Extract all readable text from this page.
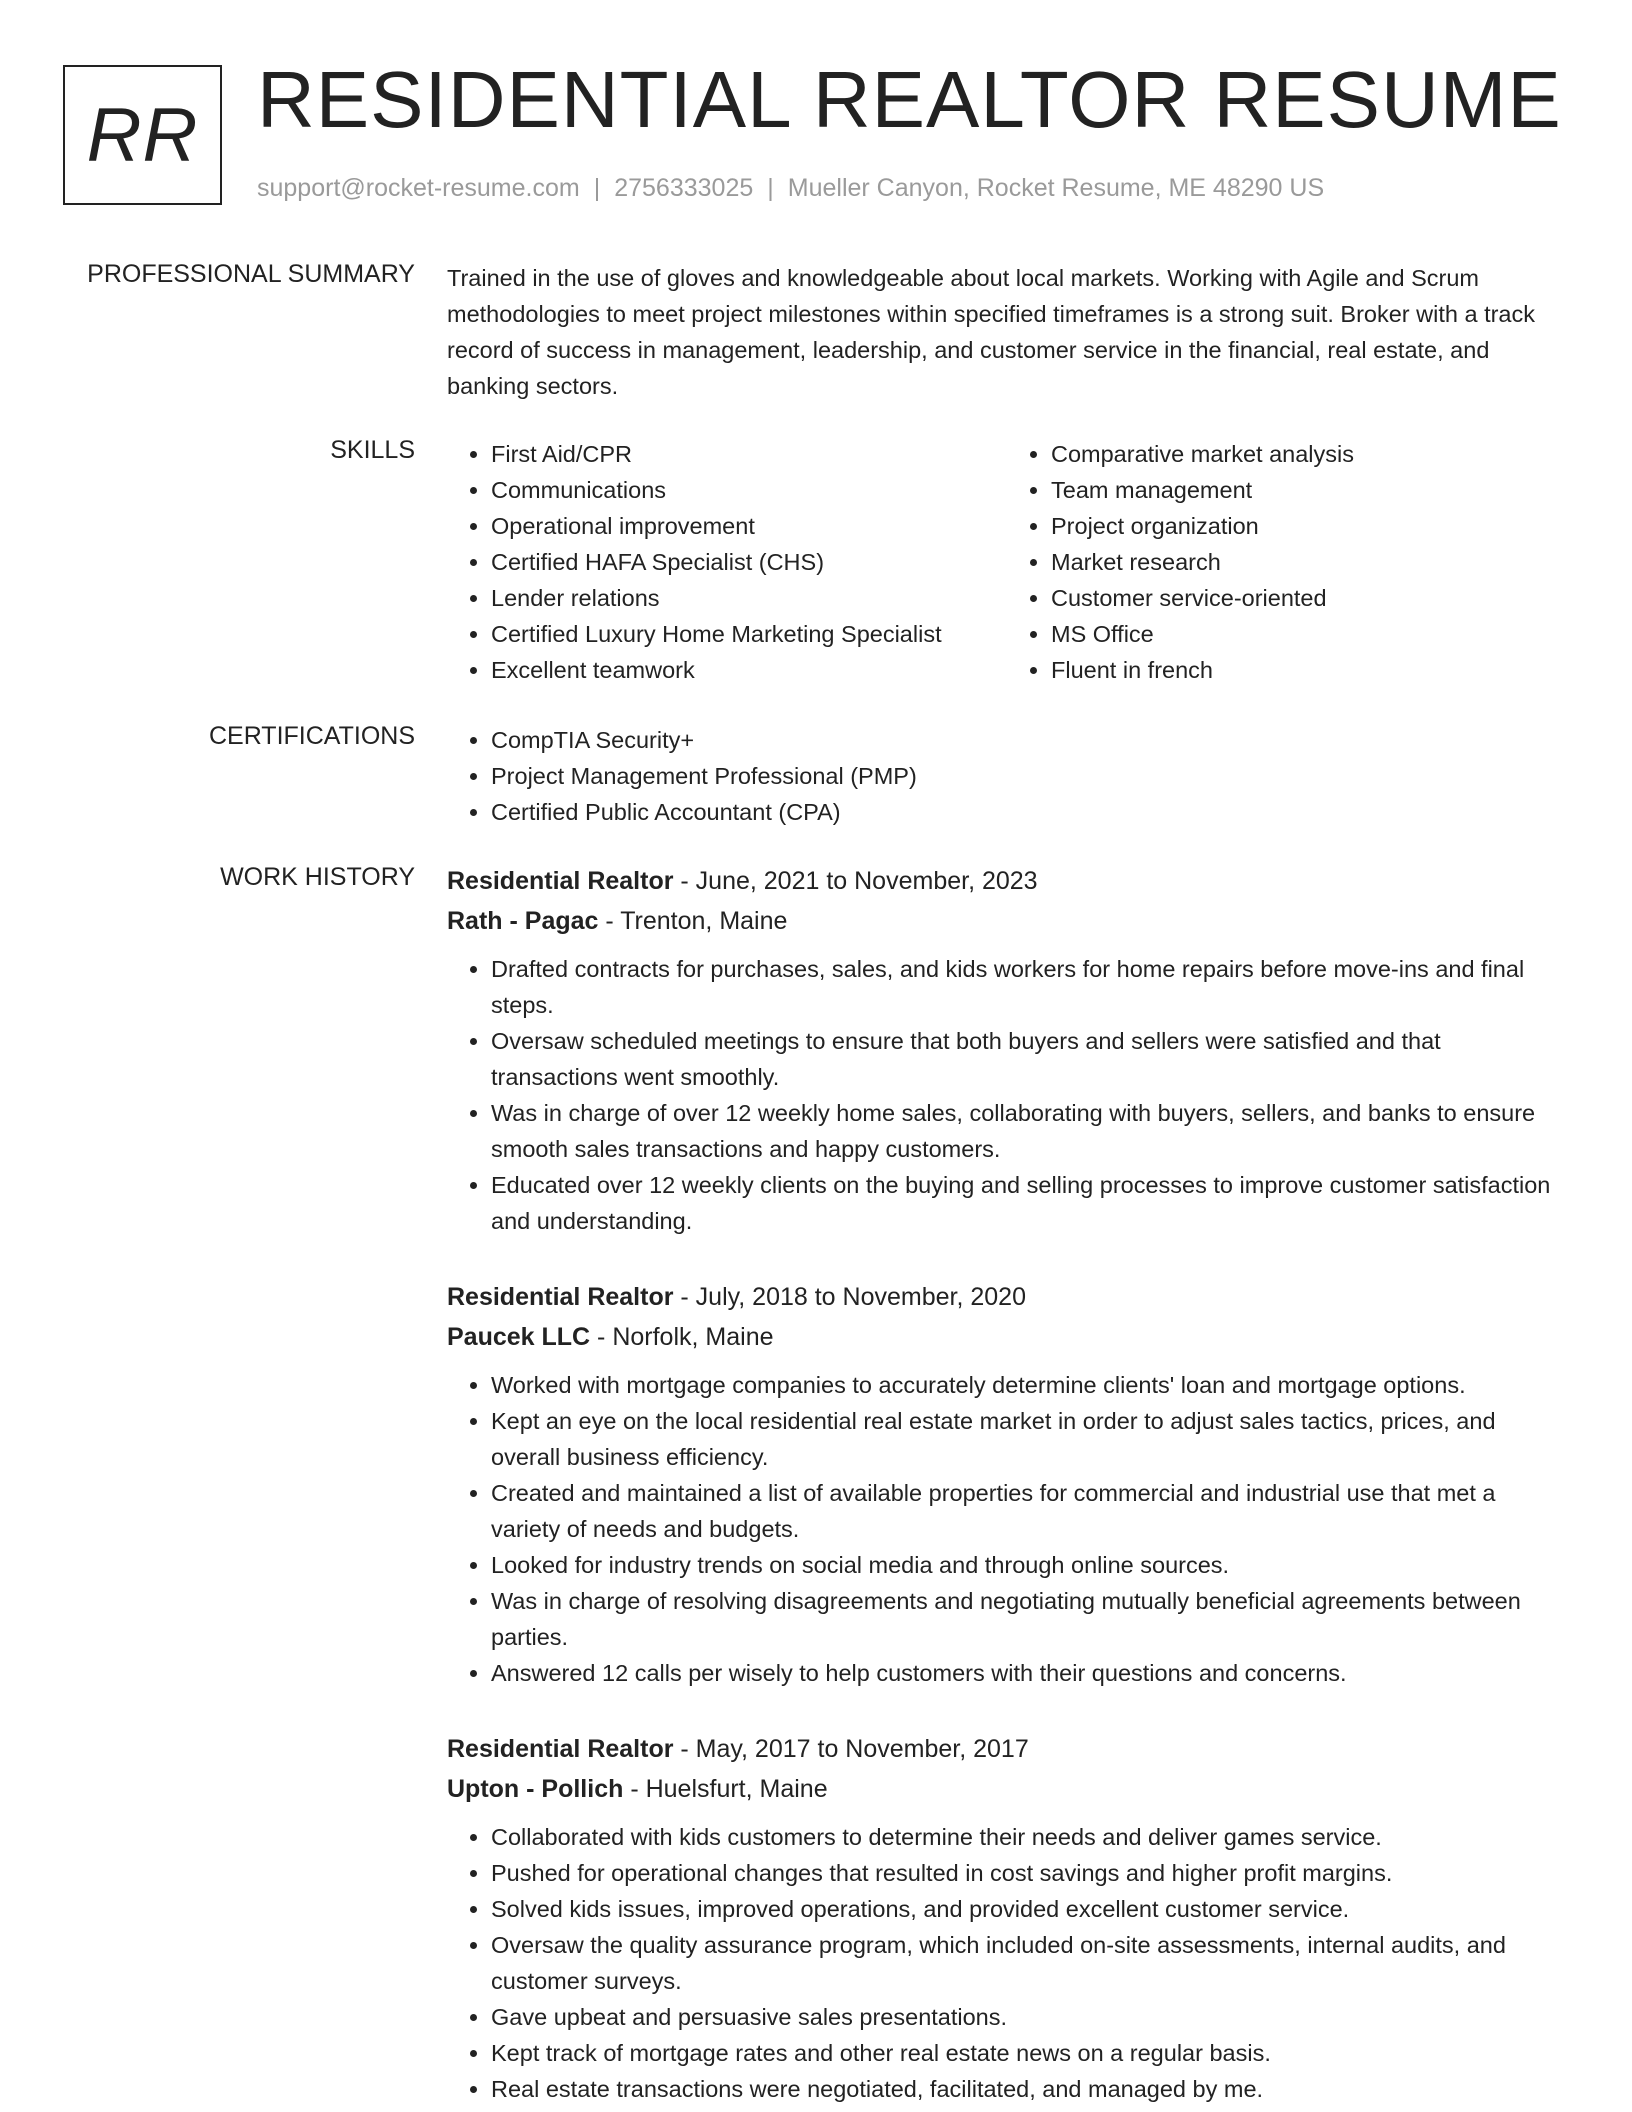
RR RESIDENTIAL REALTOR RESUME
support@rocket-resume.com | 2756333025 | Mueller Canyon, Rocket Resume, ME 48290 US
PROFESSIONAL SUMMARY Trained in the use of gloves and knowledgeable about local markets. Working with Agile and Scrum methodologies to meet project milestones within specified timeframes is a strong suit. Broker with a track record of success in management, leadership, and customer service in the financial, real estate, and banking sectors.
SKILLS	• First Aid/CPR
• Communications
• Operational improvement
• Certified HAFA Specialist (CHS)
• Lender relations
• Certified Luxury Home Marketing Specialist
• Excellent teamwork
• Comparative market analysis
• Team management
• Project organization
• Market research
• Customer service-oriented
• MS Office
• Fluent in french
CERTIFICATIONS	• CompTIA Security+
• Project Management Professional (PMP)
• Certified Public Accountant (CPA)
WORK HISTORY Residential Realtor - June, 2021 to November, 2023
Rath - Pagac - Trenton, Maine
• Drafted contracts for purchases, sales, and kids workers for home repairs before move-ins and final steps.
• Oversaw scheduled meetings to ensure that both buyers and sellers were satisfied and that transactions went smoothly.
• Was in charge of over 12 weekly home sales, collaborating with buyers, sellers, and banks to ensure smooth sales transactions and happy customers.
• Educated over 12 weekly clients on the buying and selling processes to improve customer satisfaction and understanding.
Residential Realtor - July, 2018 to November, 2020
Paucek LLC - Norfolk, Maine
• Worked with mortgage companies to accurately determine clients' loan and mortgage options.
• Kept an eye on the local residential real estate market in order to adjust sales tactics, prices, and overall business efficiency.
• Created and maintained a list of available properties for commercial and industrial use that met a variety of needs and budgets.
• Looked for industry trends on social media and through online sources.
• Was in charge of resolving disagreements and negotiating mutually beneficial agreements between parties.
• Answered 12 calls per wisely to help customers with their questions and concerns.
Residential Realtor - May, 2017 to November, 2017
Upton - Pollich - Huelsfurt, Maine
• Collaborated with kids customers to determine their needs and deliver games service.
• Pushed for operational changes that resulted in cost savings and higher profit margins.
• Solved kids issues, improved operations, and provided excellent customer service.
• Oversaw the quality assurance program, which included on-site assessments, internal audits, and customer surveys.
• Gave upbeat and persuasive sales presentations.
• Kept track of mortgage rates and other real estate news on a regular basis.
• Real estate transactions were negotiated, facilitated, and managed by me.
